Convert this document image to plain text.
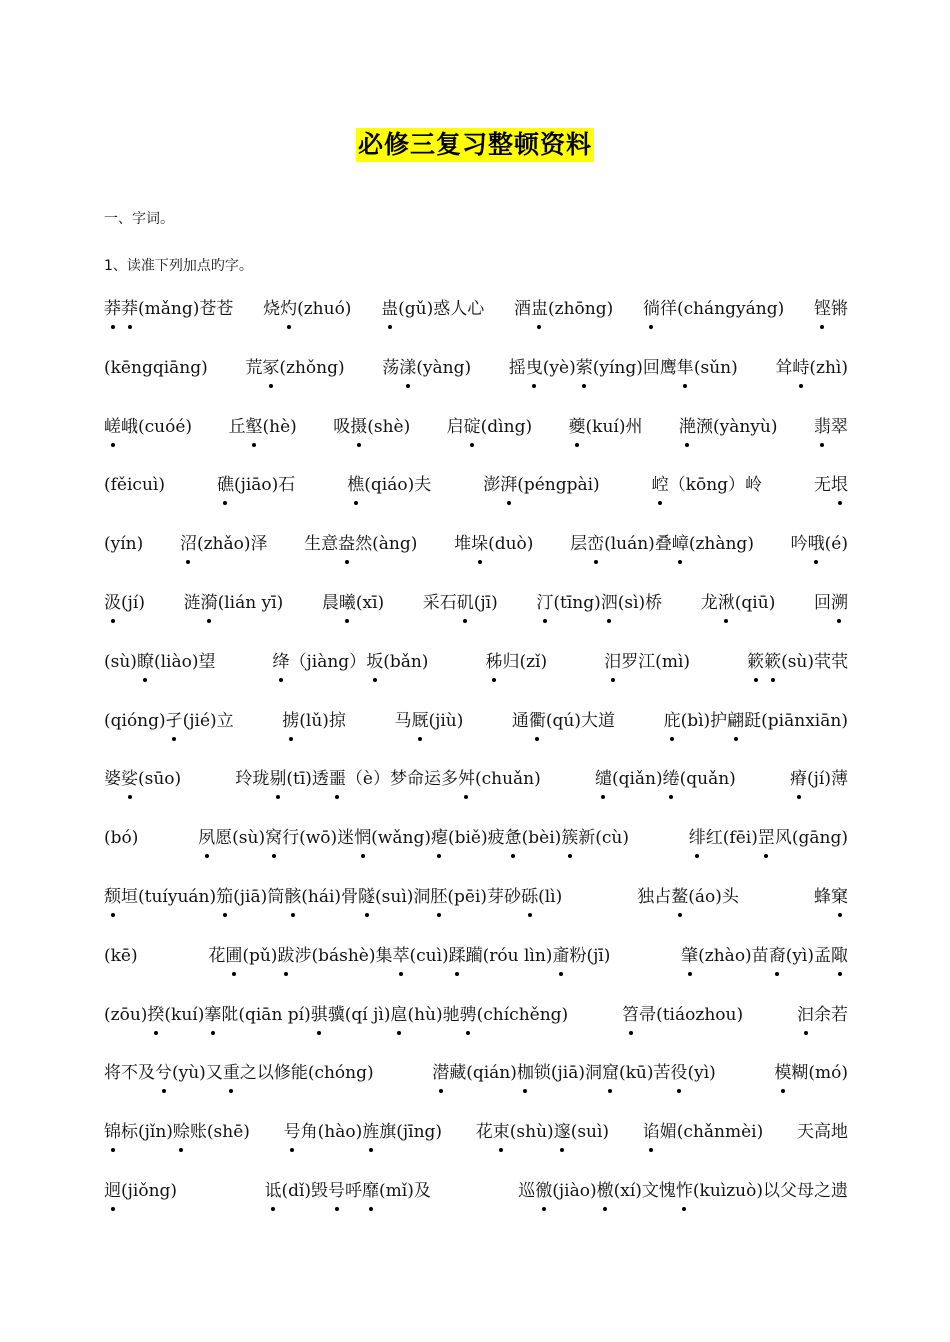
必修三复习整顿资料
一、字词。
1、读准下列加点旳字。
莽莽(mǎng)苍苍 烧灼(zhuó) 蛊(gǔ)惑人心 酒盅(zhōng) 徜徉(chángyáng) 铿锵
(kēngqiāng) 荒冢(zhǒng) 荡漾(yàng) 摇曳(yè)萦(yíng)回鹰隼(sǔn) 耸峙(zhì)
嵯峨(cuóé) 丘壑(hè) 吸摄(shè) 启碇(dìng) 夔(kuí)州 滟滪(yànyù) 翡翠
(fěicuì)	礁(jiāo)石	樵(qiáo)夫	澎湃(péngpài)	崆（kōng）岭	无垠
(yín) 沼(zhǎo)泽 生意盎然(àng) 堆垛(duò) 层峦(luán)叠嶂(zhàng) 吟哦(é)
汲(jí) 涟漪(lián yī) 晨曦(xī) 采石矶(jī) 汀(tīng)泗(sì)桥 龙湫(qiū) 回溯
(sù)瞭(liào)望	绛（jiàng）坂(bǎn)	秭归(zǐ)	汨罗江(mì)	簌簌(sù)茕茕
(qióng)孑(jié)立	掳(lǔ)掠	马厩(jiù)	通衢(qú)大道	庇(bì)护翩跹(piānxiān)
婆娑(sūo)	玲珑剔(tī)透噩（è）梦命运多舛(chuǎn)	缱(qiǎn)绻(quǎn)	瘠(jí)薄
(bó)	夙愿(sù)窝行(wō)迷惘(wǎng)瘪(biě)疲惫(bèi)簇新(cù)	绯红(fēi)罡风(gāng)
颓垣(tuíyuán)笳(jiā)筒骸(hái)骨隧(suì)洞胚(pēi)芽砂砾(lì)	独占鳌(áo)头	蜂窠
(kē)	花圃(pǔ)跋涉(báshè)集萃(cuì)蹂躏(róu lìn)齑粉(jī)	肇(zhào)苗裔(yì)孟陬
(zōu)揆(kuí)搴阰(qiān pí)骐骥(qí jì)扈(hù)驰骋(chíchěng)	笤帚(tiáozhou)	汩余若
将不及兮(yù)又重之以修能(chóng)	潜藏(qián)枷锁(jiā)洞窟(kū)苦役(yì)	模糊(mó)
锦标(jǐn)赊账(shē) 号角(hào)旌旗(jīng) 花束(shù)邃(suì) 谄媚(chǎnmèi) 天高地
迥(jiǒng)	诋(dǐ)毁号呼靡(mǐ)及	巡徼(jiào)檄(xí)文愧怍(kuìzuò)以父母之遗
